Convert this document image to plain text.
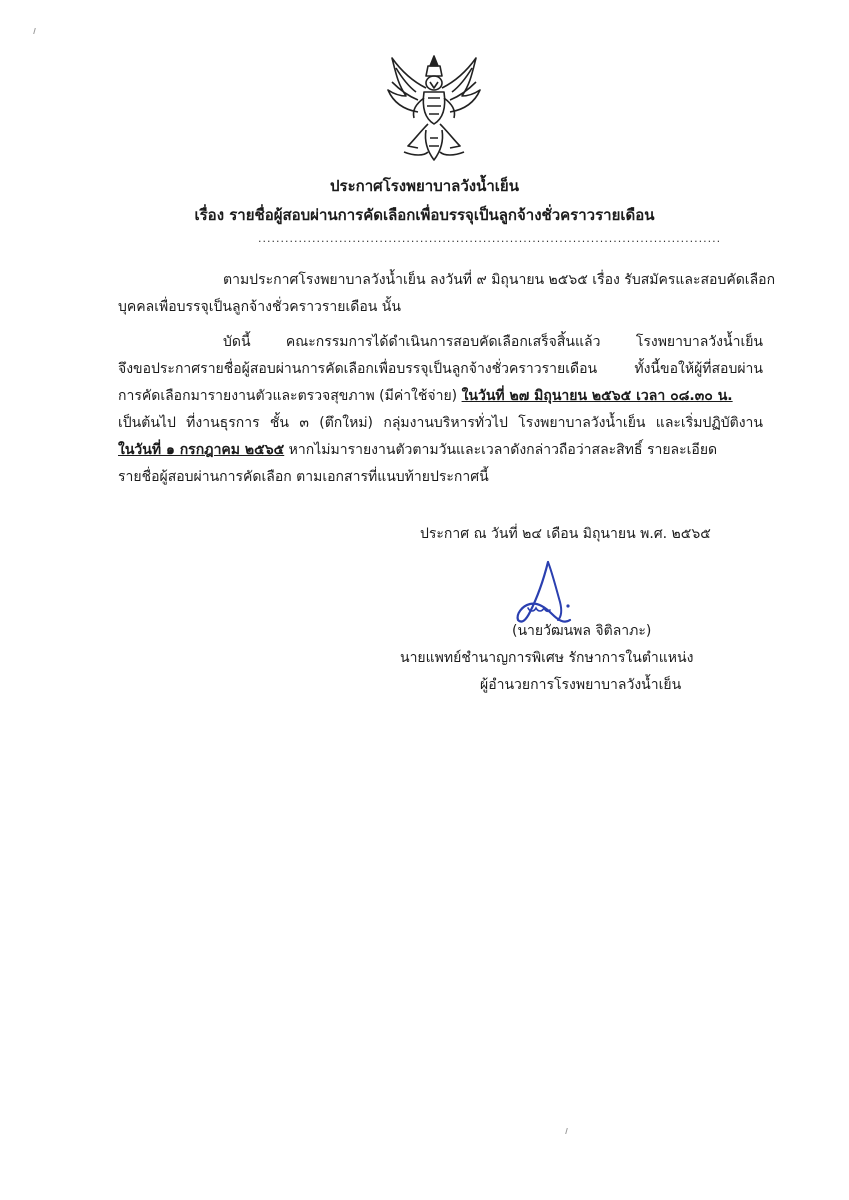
ประกาศโรงพยาบาลวังน้ำเย็น
เรื่อง รายชื่อผู้สอบผ่านการคัดเลือกเพื่อบรรจุเป็นลูกจ้างชั่วคราวรายเดือน
.......................................................................................................
ตามประกาศโรงพยาบาลวังน้ำเย็น ลงวันที่ ๙ มิถุนายน ๒๕๖๕ เรื่อง รับสมัครและสอบคัดเลือก
บุคคลเพื่อบรรจุเป็นลูกจ้างชั่วคราวรายเดือน นั้น
บัดนี้ คณะกรรมการได้ดำเนินการสอบคัดเลือกเสร็จสิ้นแล้ว โรงพยาบาลวังน้ำเย็น
จึงขอประกาศรายชื่อผู้สอบผ่านการคัดเลือกเพื่อบรรจุเป็นลูกจ้างชั่วคราวรายเดือน ทั้งนี้ขอให้ผู้ที่สอบผ่าน
การคัดเลือกมารายงานตัวและตรวจสุขภาพ (มีค่าใช้จ่าย) ในวันที่ ๒๗ มิถุนายน ๒๕๖๕ เวลา ๐๘.๓๐ น.
เป็นต้นไป ที่งานธุรการ ชั้น ๓ (ตึกใหม่) กลุ่มงานบริหารทั่วไป โรงพยาบาลวังน้ำเย็น และเริ่มปฏิบัติงาน
ในวันที่ ๑ กรกฎาคม ๒๕๖๕ หากไม่มารายงานตัวตามวันและเวลาดังกล่าวถือว่าสละสิทธิ์ รายละเอียด
รายชื่อผู้สอบผ่านการคัดเลือก ตามเอกสารที่แนบท้ายประกาศนี้
ประกาศ ณ วันที่ ๒๔ เดือน มิถุนายน พ.ศ. ๒๕๖๕
(นายวัฒนพล จิติลาภะ)
นายแพทย์ชำนาญการพิเศษ รักษาการในตำแหน่ง
ผู้อำนวยการโรงพยาบาลวังน้ำเย็น
